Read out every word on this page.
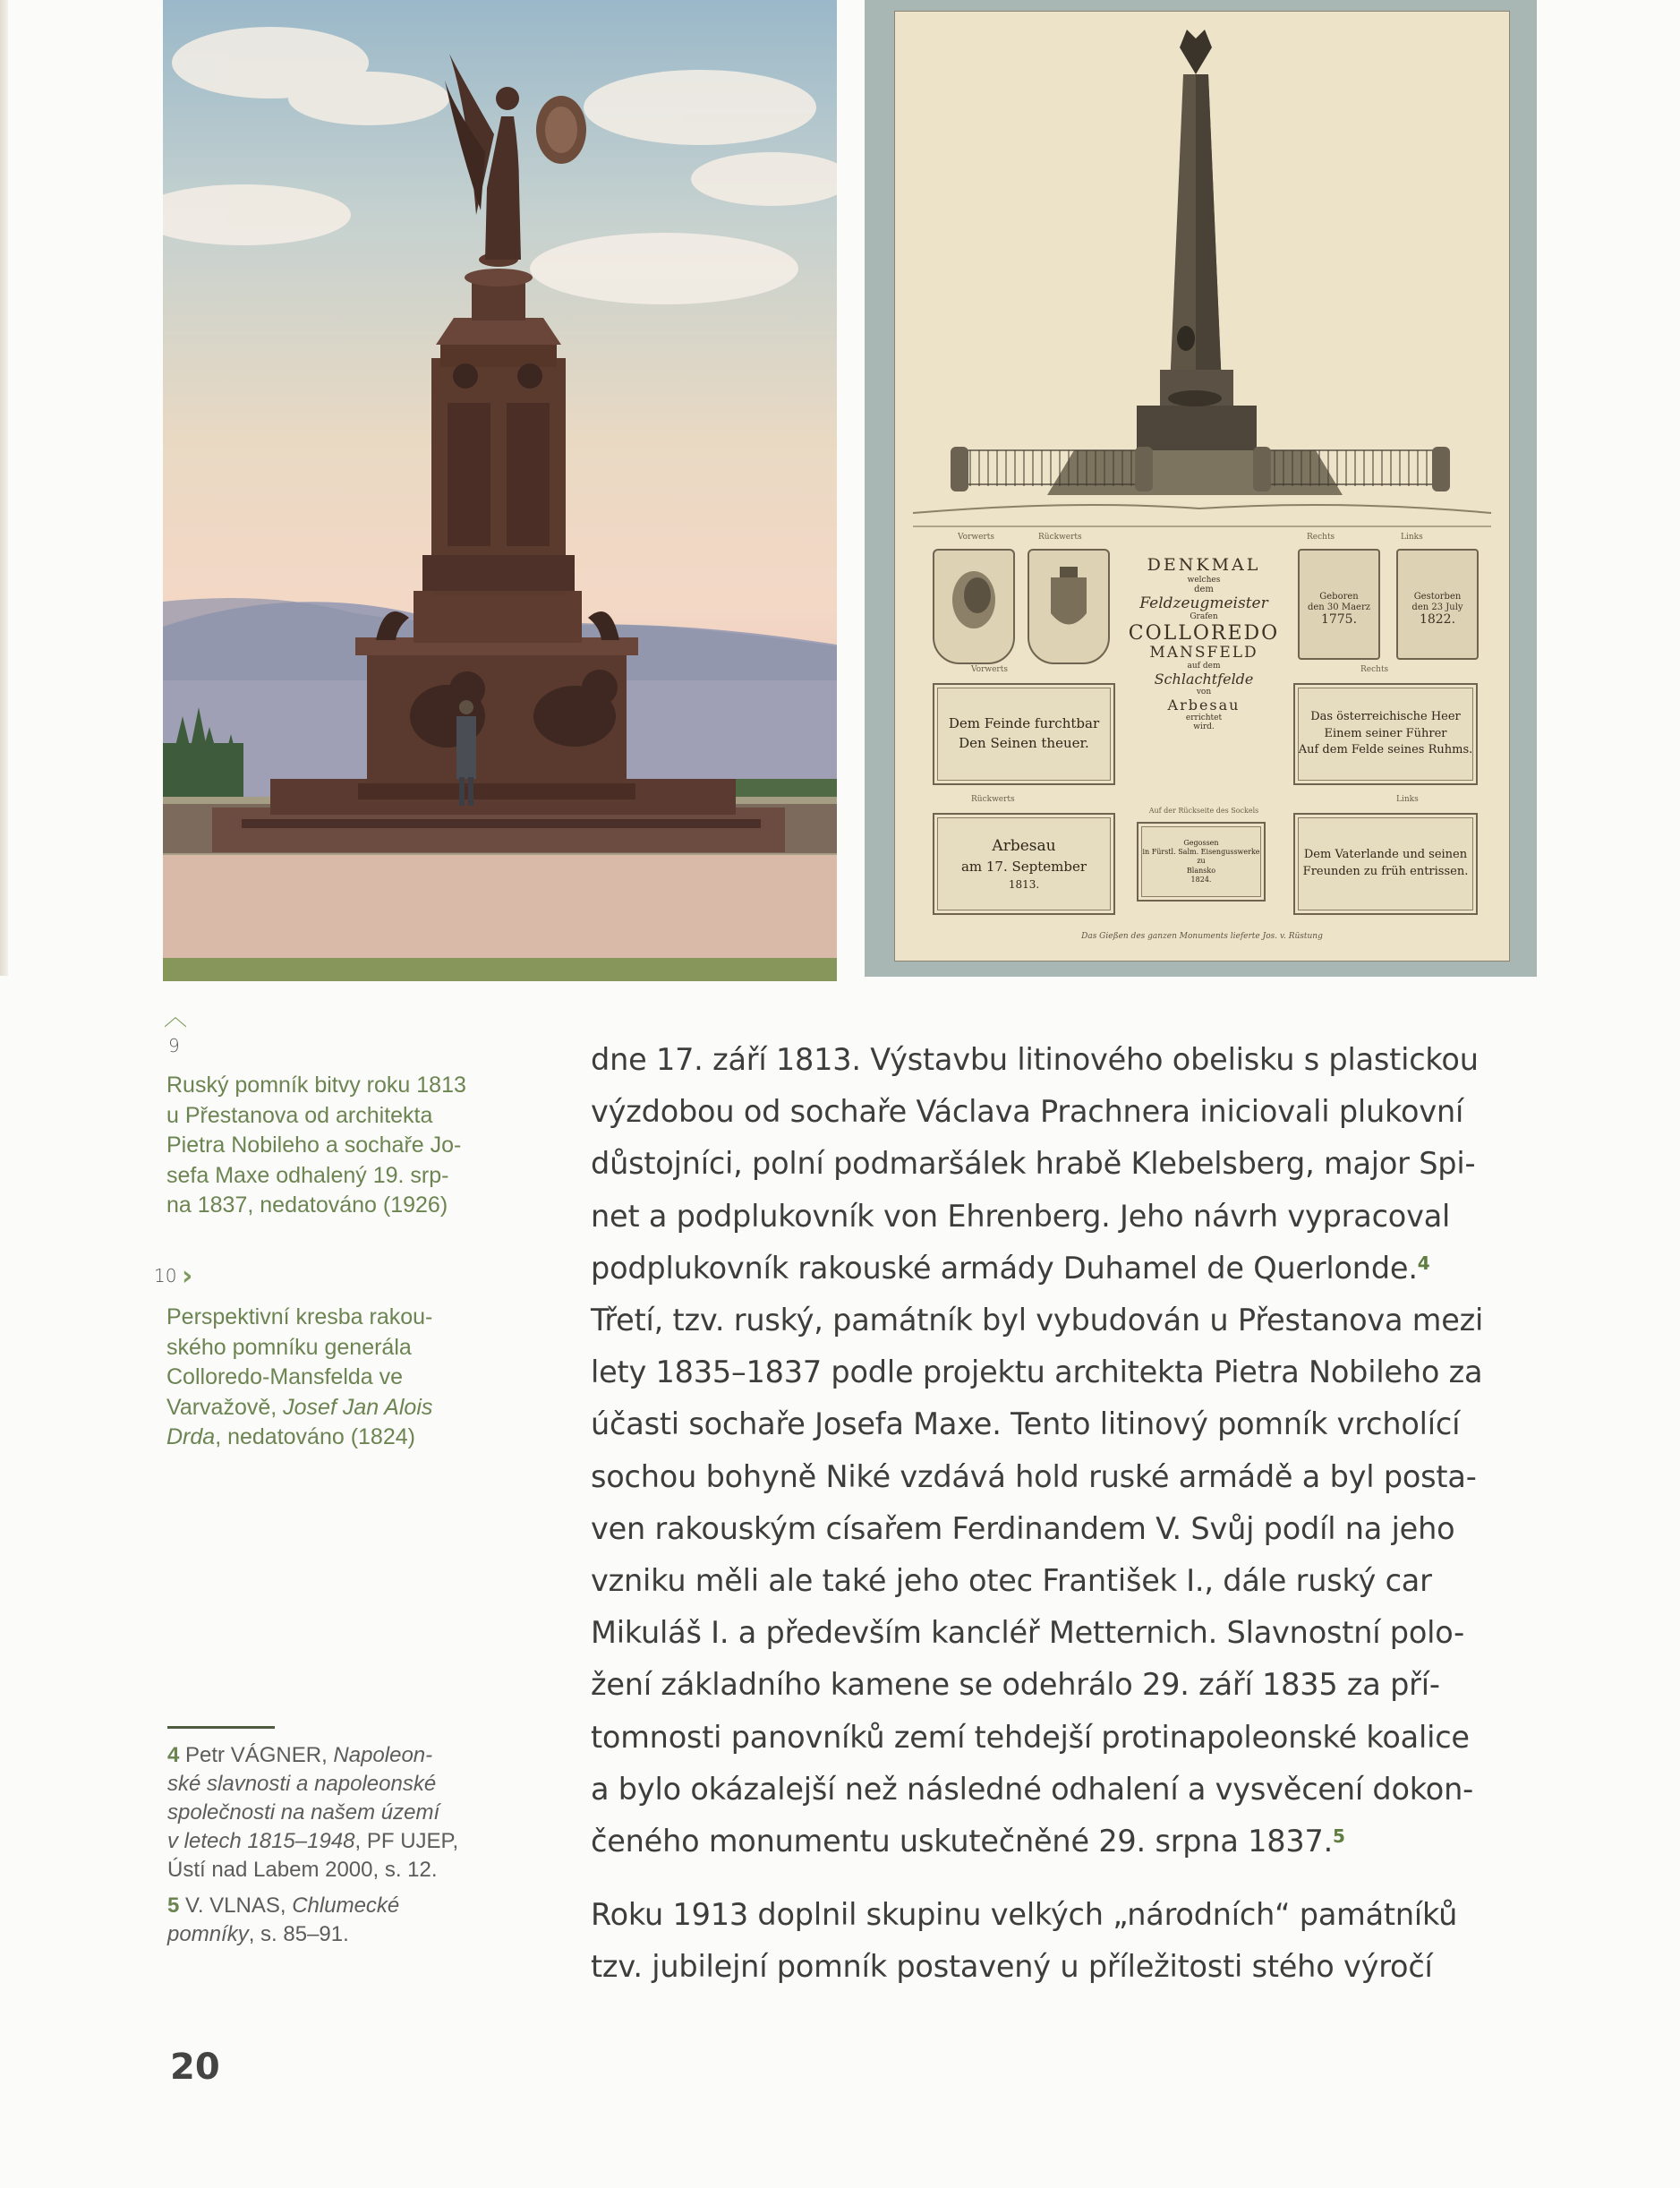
Vorwerts	Rückwerts	Rechts	Links
Geboren
den 30 Maerz
1775.
Gestorben
den 23 July
1822.
DENKMAL
welches
dem
Feldzeugmeister
Grafen
COLLOREDO
MANSFELD
auf dem
Schlachtfelde
von
Arbesau
errichtet
wird.
Vorwerts	Rechts
Dem Feinde furchtbar
Den Seinen theuer.
Das österreichische Heer
Einem seiner Führer
Auf dem Felde seines Ruhms.
Rückwerts	Links
Auf der Rückseite des Sockels
Arbesau
am 17. September
1813.
Gegossen
in Fürstl. Salm. Eisengusswerke
zu
Blansko
1824.
Dem Vaterlande und seinen
Freunden zu früh entrissen.
Das Gießen des ganzen Monuments lieferte Jos. v. Rüstung
︿
9
Ruský pomník bitvy roku 1813
u Přestanova od architekta
Pietra Nobileho a sochaře Jo-
sefa Maxe odhalený 19. srp-
na 1837, nedatováno (1926)
10 ›
Perspektivní kresba rakou-
ského pomníku generála
Colloredo-Mansfelda ve
Varvažově, Josef Jan Alois
Drda, nedatováno (1824)
dne 17. září 1813. Výstavbu litinového obelisku s plastickou
výzdobou od sochaře Václava Prachnera iniciovali plukovní
důstojníci, polní podmaršálek hrabě Klebelsberg, major Spi-
net a podplukovník von Ehrenberg. Jeho návrh vypracoval
podplukovník rakouské armády Duhamel de Querlonde.$^4$
Třetí, tzv. ruský, památník byl vybudován u Přestanova mezi
lety 1835–1837 podle projektu architekta Pietra Nobileho za
účasti sochaře Josefa Maxe. Tento litinový pomník vrcholící
sochou bohyně Niké vzdává hold ruské armádě a byl posta-
ven rakouským císařem Ferdinandem V. Svůj podíl na jeho
vzniku měli ale také jeho otec František I., dále ruský car
Mikuláš I. a především kancléř Metternich. Slavnostní polo-
žení základního kamene se odehrálo 29. září 1835 za pří-
tomnosti panovníků zemí tehdejší protinapoleonské koalice
a bylo okázalejší než následné odhalení a vysvěcení dokon-
čeného monumentu uskutečněné 29. srpna 1837.$^5$
Roku 1913 doplnil skupinu velkých „národních“ památníků
tzv. jubilejní pomník postavený u příležitosti stého výročí
4 Petr VÁGNER, Napoleon-
ské slavnosti a napoleonské
společnosti na našem území
v letech 1815–1948, PF UJEP,
Ústí nad Labem 2000, s. 12.
5 V. VLNAS, Chlumecké
pomníky, s. 85–91.
20
